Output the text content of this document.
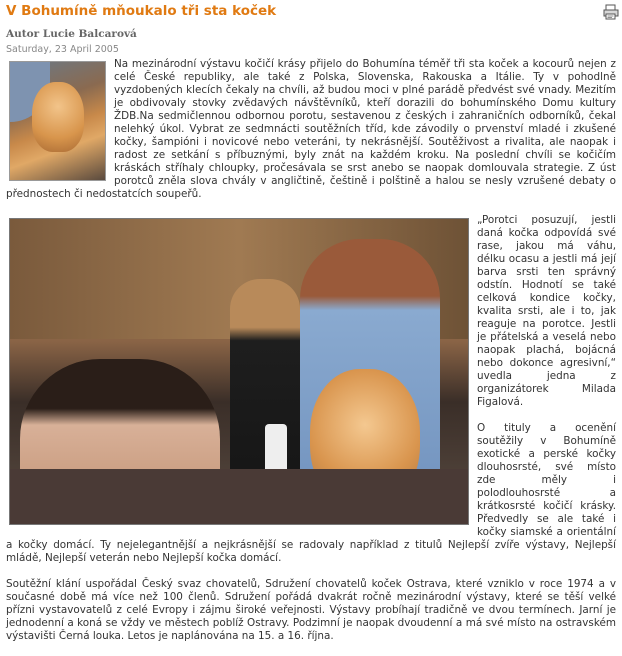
V Bohumíně mňoukalo tři sta koček
Autor Lucie Balcarová
Saturday, 23 April 2005

Na mezinárodní výstavu kočičí krásy přijelo do Bohumína téměř tři sta koček a kocourů nejen z celé České republiky, ale také z Polska, Slovenska, Rakouska a Itálie. Ty v pohodlně vyzdobených klecích čekaly na chvíli, až budou moci v plné parádě předvést své vnady. Mezitím je obdivovaly stovky zvědavých návštěvníků, kteří dorazili do bohumínského Domu kultury ŽDB.Na sedmičlennou odbornou porotu, sestavenou z českých i zahraničních odborníků, čekal nelehký úkol. Vybrat ze sedmnácti soutěžních tříd, kde závodily o prvenství mladé i zkušené kočky, šampióni i novicové nebo veteráni, ty nekrásnější. Soutěživost a rivalita, ale naopak i radost ze setkání s příbuznými, byly znát na každém kroku. Na poslední chvíli se kočičím kráskách stříhaly chloupky, pročesávala se srst anebo se naopak domlouvala strategie. Z úst porotců zněla slova chvály v angličtině, češtině i polštině a halou se nesly vzrušené debaty o přednostech či nedostatcích soupeřů.

„Porotci posuzují, jestli daná kočka odpovídá své rase, jakou má váhu, délku ocasu a jestli má její barva srsti ten správný odstín. Hodnotí se také celková kondice kočky, kvalita srsti, ale i to, jak reaguje na porotce. Jestli je přátelská a veselá nebo naopak plachá, bojácná nebo dokonce agresivní,“ uvedla jedna z organizátorek Milada Figalová.

O tituly a ocenění soutěžily v Bohumíně exotické a perské kočky dlouhosrsté, své místo zde měly i polodlouhosrsté a krátkosrsté kočičí krásky. Předvedly se ale také i kočky siamské a orientální a kočky domácí. Ty nejelegantnější a nejkrásnější se radovaly například z titulů Nejlepší zvíře výstavy, Nejlepší mládě, Nejlepší veterán nebo Nejlepší kočka domácí.

Soutěžní klání uspořádal Český svaz chovatelů, Sdružení chovatelů koček Ostrava, které vzniklo v roce 1974 a v současné době má více než 100 členů. Sdružení pořádá dvakrát ročně mezinárodní výstavy, které se těší velké přízni vystavovatelů z celé Evropy i zájmu široké veřejnosti. Výstavy probíhají tradičně ve dvou termínech. Jarní je jednodenní a koná se vždy ve městech poblíž Ostravy. Podzimní je naopak dvoudenní a má své místo na ostravském výstavišti Černá louka. Letos je naplánována na 15. a 16. října.
